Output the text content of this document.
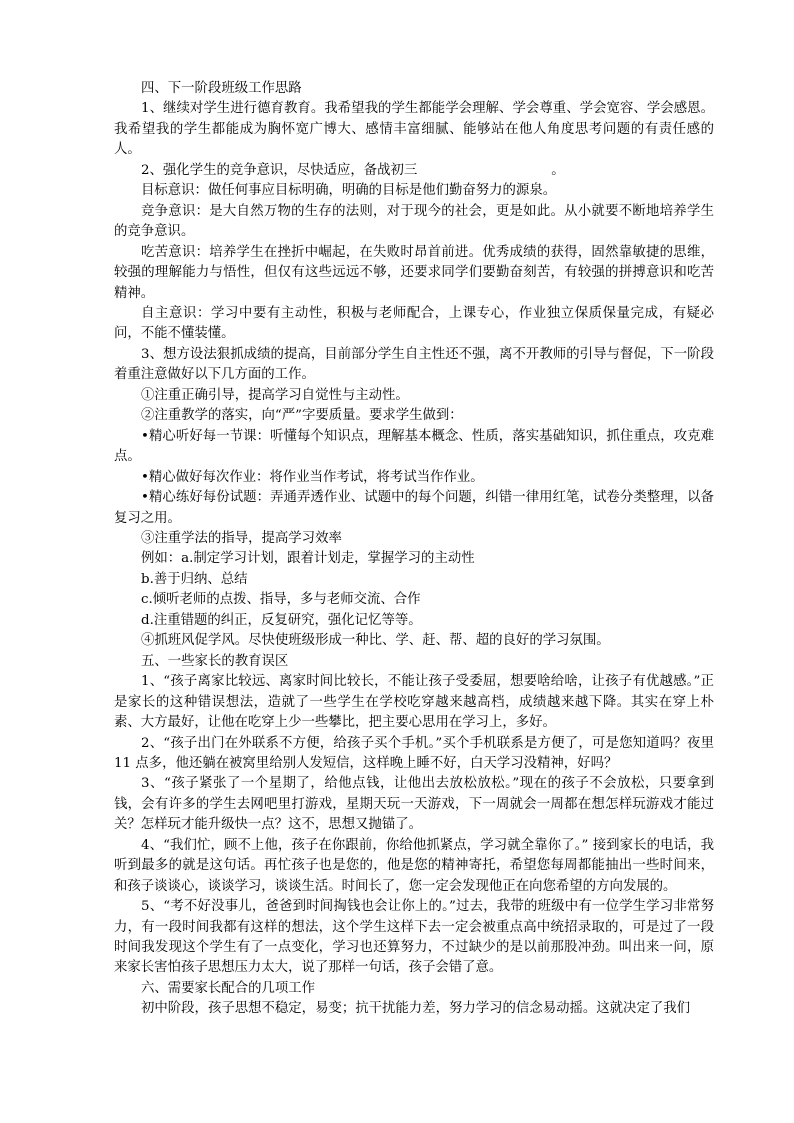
四、下一阶段班级工作思路

1、继续对学生进行德育教育。我希望我的学生都能学会理解、学会尊重、学会宽容、学会感恩。我希望我的学生都能成为胸怀宽广博大、感情丰富细腻、能够站在他人角度思考问题的有责任感的人。

2、强化学生的竞争意识，尽快适应，备战初三　　　　　　　　　　。

目标意识：做任何事应目标明确，明确的目标是他们勤奋努力的源泉。

竞争意识：是大自然万物的生存的法则，对于现今的社会，更是如此。从小就要不断地培养学生的竞争意识。

吃苦意识：培养学生在挫折中崛起，在失败时昂首前进。优秀成绩的获得，固然靠敏捷的思维，较强的理解能力与悟性，但仅有这些远远不够，还要求同学们要勤奋刻苦，有较强的拼搏意识和吃苦精神。

自主意识：学习中要有主动性，积极与老师配合，上课专心，作业独立保质保量完成，有疑必问，不能不懂装懂。

3、想方设法狠抓成绩的提高，目前部分学生自主性还不强，离不开教师的引导与督促，下一阶段着重注意做好以下几方面的工作。

①注重正确引导，提高学习自觉性与主动性。

②注重教学的落实，向“严”字要质量。要求学生做到：

•精心听好每一节课：听懂每个知识点，理解基本概念、性质，落实基础知识，抓住重点，攻克难点。

•精心做好每次作业：将作业当作考试，将考试当作作业。

•精心练好每份试题：弄通弄透作业、试题中的每个问题，纠错一律用红笔，试卷分类整理，以备复习之用。

③注重学法的指导，提高学习效率

例如：a.制定学习计划，跟着计划走，掌握学习的主动性

b.善于归纳、总结

c.倾听老师的点拨、指导，多与老师交流、合作

d.注重错题的纠正，反复研究，强化记忆等等。

④抓班风促学风。尽快使班级形成一种比、学、赶、帮、超的良好的学习氛围。

五、一些家长的教育误区

1、“孩子离家比较远、离家时间比较长，不能让孩子受委屈，想要啥给啥，让孩子有优越感。”正是家长的这种错误想法，造就了一些学生在学校吃穿越来越高档，成绩越来越下降。其实在穿上朴素、大方最好，让他在吃穿上少一些攀比，把主要心思用在学习上，多好。

2、“孩子出门在外联系不方便，给孩子买个手机。”买个手机联系是方便了，可是您知道吗？夜里 11 点多，他还躺在被窝里给别人发短信，这样晚上睡不好，白天学习没精神，好吗？

3、“孩子紧张了一个星期了，给他点钱，让他出去放松放松。”现在的孩子不会放松，只要拿到钱，会有许多的学生去网吧里打游戏，星期天玩一天游戏，下一周就会一周都在想怎样玩游戏才能过关？怎样玩才能升级快一点？这不，思想又抛锚了。

4、“我们忙，顾不上他，孩子在你跟前，你给他抓紧点，学习就全靠你了。” 接到家长的电话，我听到最多的就是这句话。再忙孩子也是您的，他是您的精神寄托，希望您每周都能抽出一些时间来，和孩子谈谈心，谈谈学习，谈谈生活。时间长了，您一定会发现他正在向您希望的方向发展的。

5、“考不好没事儿，爸爸到时间掏钱也会让你上的。”过去，我带的班级中有一位学生学习非常努力，有一段时间我都有这样的想法，这个学生这样下去一定会被重点高中统招录取的，可是过了一段时间我发现这个学生有了一点变化，学习也还算努力，不过缺少的是以前那股冲劲。叫出来一问，原来家长害怕孩子思想压力太大，说了那样一句话，孩子会错了意。

六、需要家长配合的几项工作

初中阶段，孩子思想不稳定，易变；抗干扰能力差，努力学习的信念易动摇。这就决定了我们
